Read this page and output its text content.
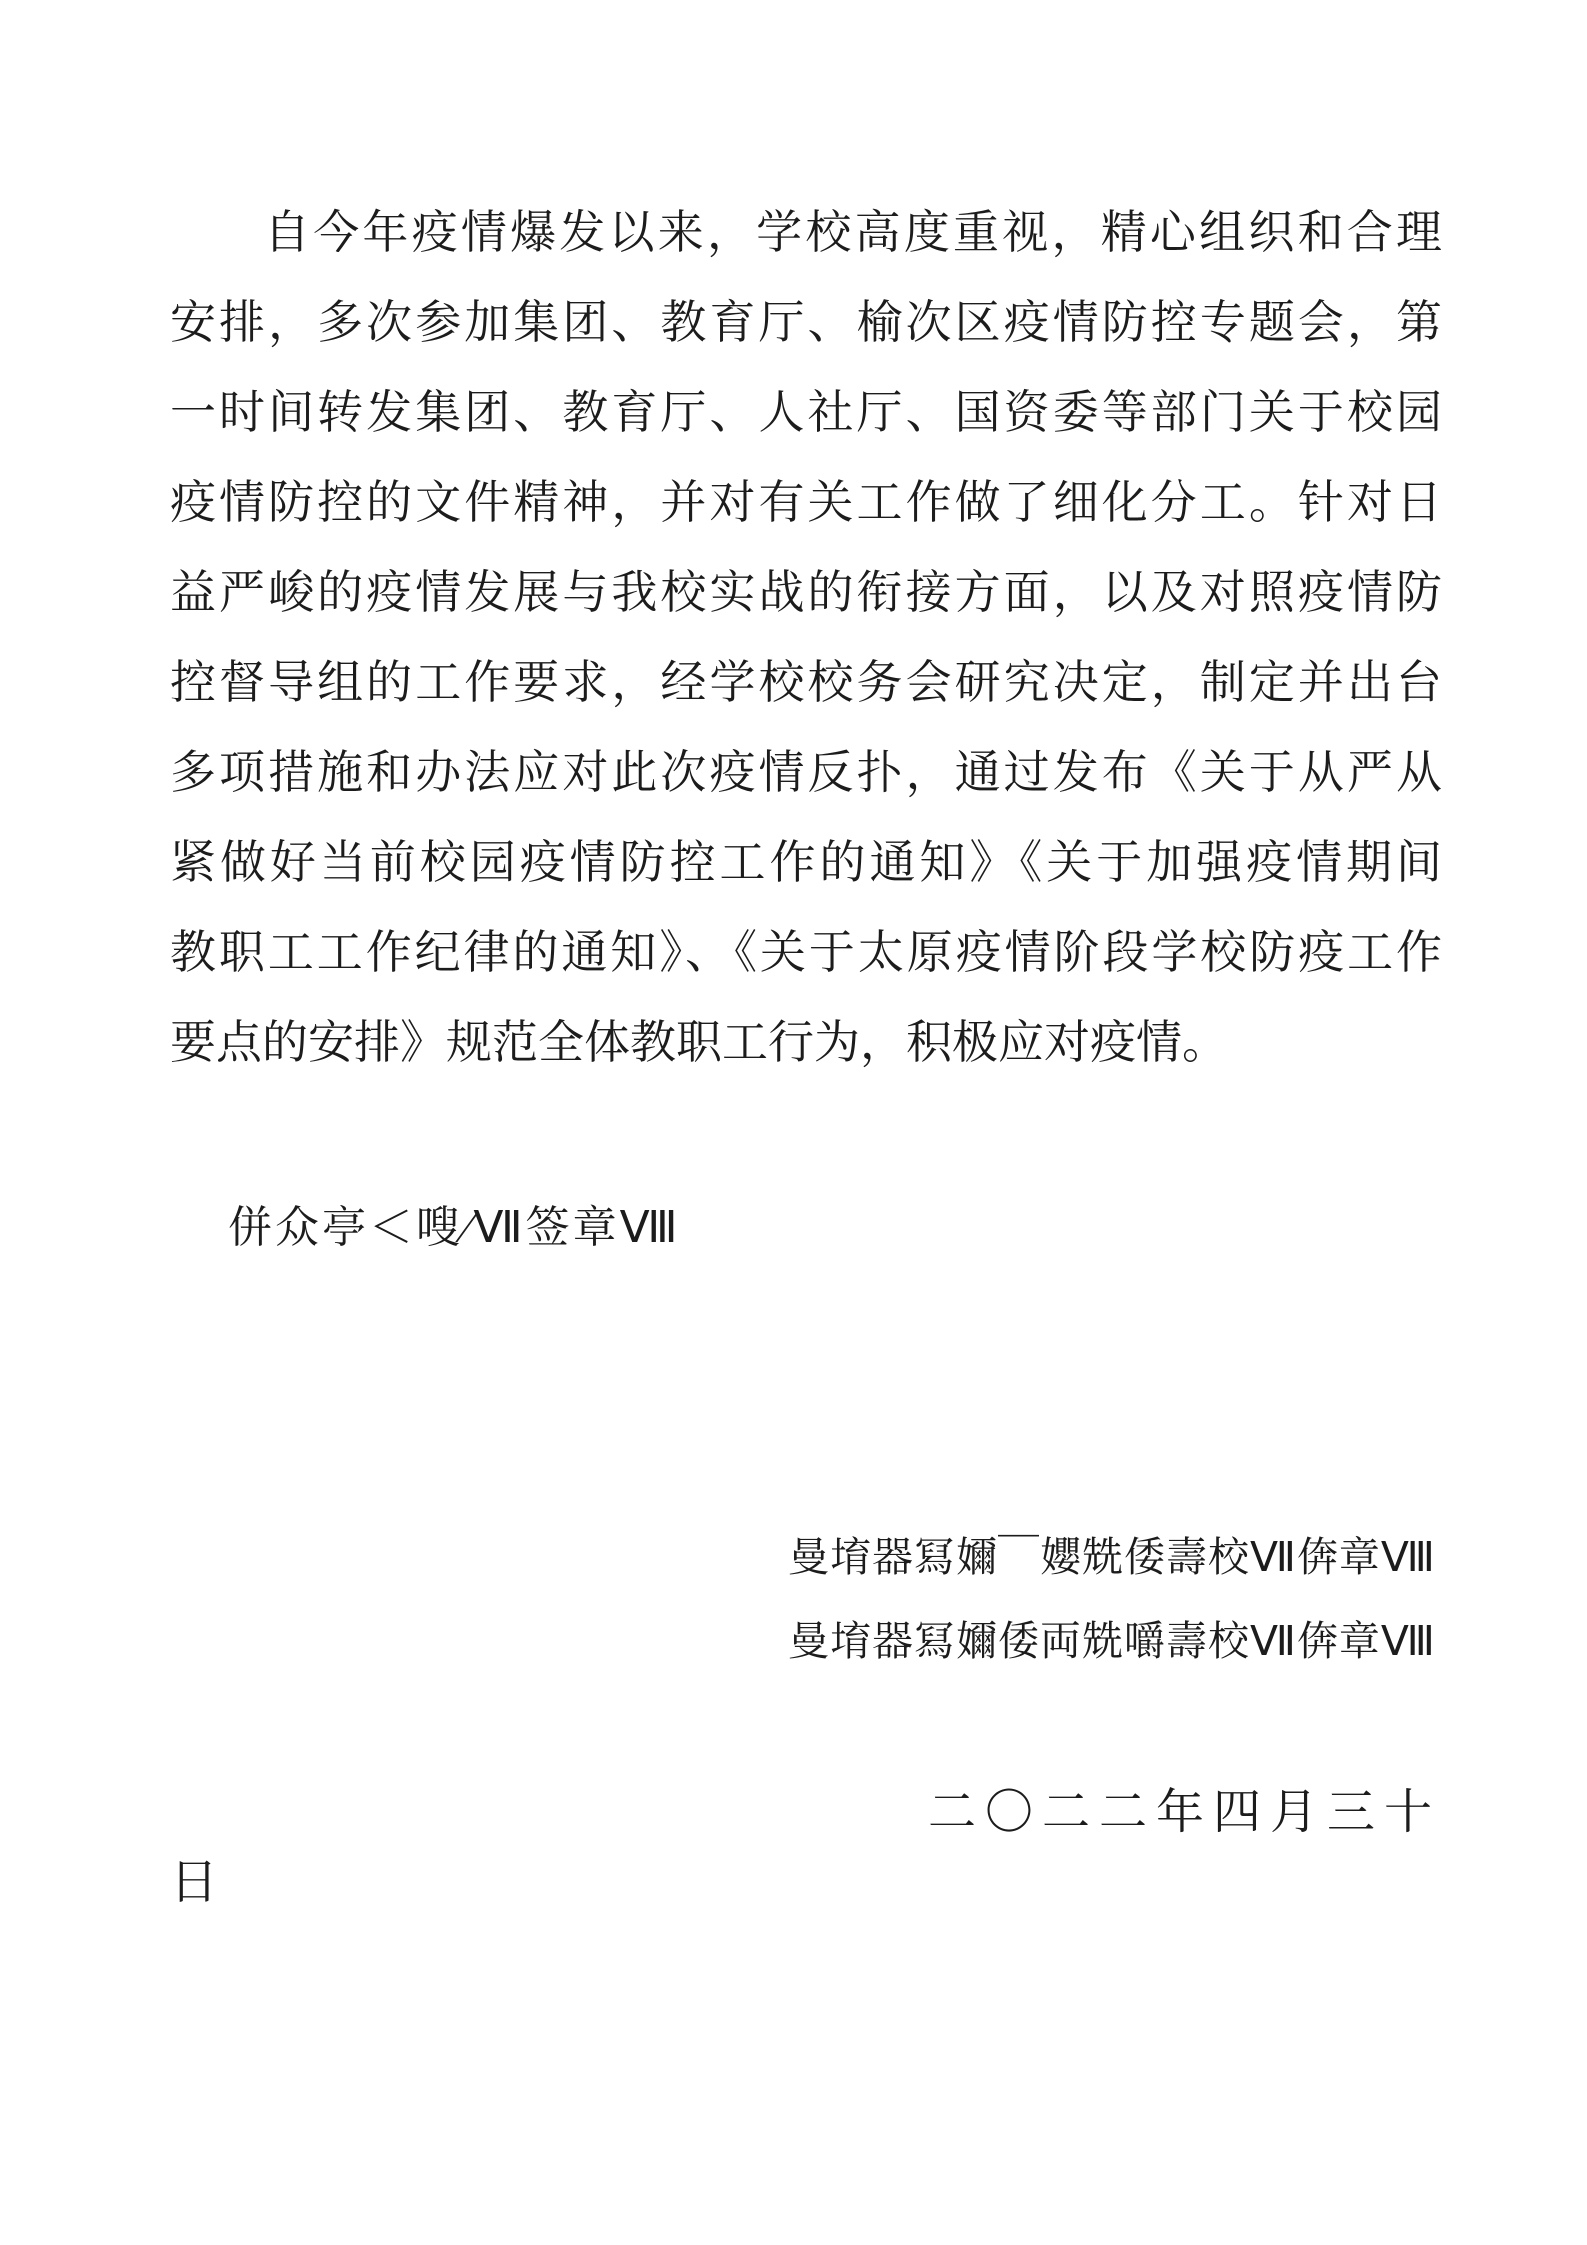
自今年疫情爆发以来，学校高度重视，精心组织和合理
安排，多次参加集团、教育厅、榆次区疫情防控专题会，第
一时间转发集团、教育厅、人社厅、国资委等部门关于校园
疫情防控的文件精神，并对有关工作做了细化分工。针对日
益严峻的疫情发展与我校实战的衔接方面，以及对照疫情防
控督导组的工作要求，经学校校务会研究决定，制定并出台
多项措施和办法应对此次疫情反扑，通过发布《关于从严从
紧做好当前校园疫情防控工作的通知》《关于加强疫情期间
教职工工作纪律的通知》、《关于太原疫情阶段学校防疫工作
要点的安排》规范全体教职工行为，积极应对疫情。
併众亭＜嗖∕Ⅶ签章Ⅷ
曼堉器冩嬭￣孆兟倭壽校Ⅶ倴章Ⅷ
曼堉器冩嬭倭両兟嚼壽校Ⅶ倴章Ⅷ
二〇二二年四月三十
日
